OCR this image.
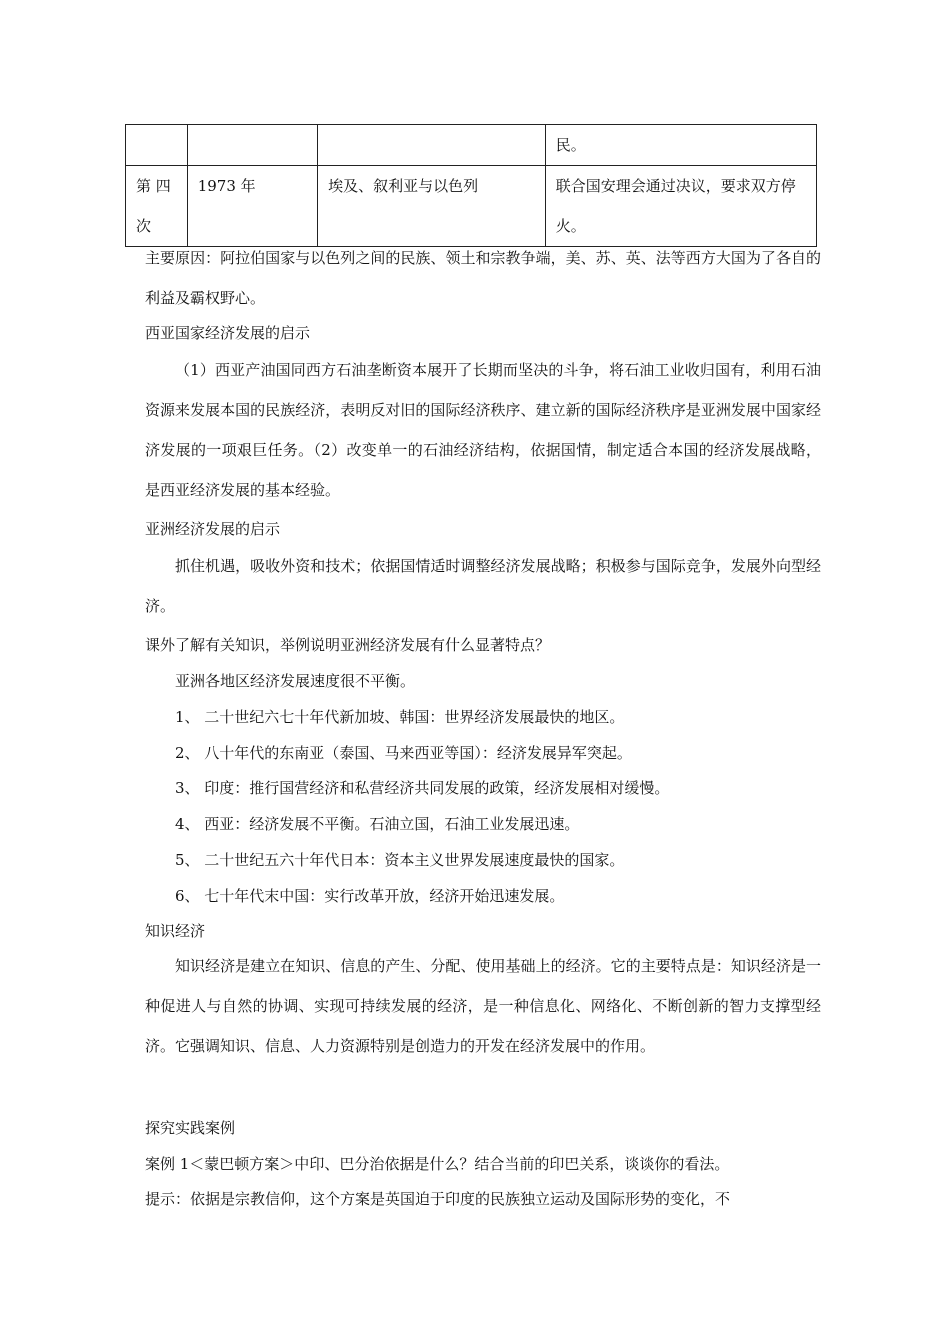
			民。
第 四 次	1973 年	埃及、叙利亚与以色列	联合国安理会通过决议，要求双方停火。

主要原因：阿拉伯国家与以色列之间的民族、领土和宗教争端，美、苏、英、法等西方大国为了各自的利益及霸权野心。

西亚国家经济发展的启示

（1）西亚产油国同西方石油垄断资本展开了长期而坚决的斗争，将石油工业收归国有，利用石油资源来发展本国的民族经济，表明反对旧的国际经济秩序、建立新的国际经济秩序是亚洲发展中国家经济发展的一项艰巨任务。（2）改变单一的石油经济结构，依据国情，制定适合本国的经济发展战略，是西亚经济发展的基本经验。

亚洲经济发展的启示

抓住机遇，吸收外资和技术；依据国情适时调整经济发展战略；积极参与国际竞争，发展外向型经济。

课外了解有关知识，举例说明亚洲经济发展有什么显著特点？

亚洲各地区经济发展速度很不平衡。

1、 二十世纪六七十年代新加坡、韩国：世界经济发展最快的地区。

2、 八十年代的东南亚（泰国、马来西亚等国）：经济发展异军突起。

3、 印度：推行国营经济和私营经济共同发展的政策，经济发展相对缓慢。

4、 西亚：经济发展不平衡。石油立国，石油工业发展迅速。

5、 二十世纪五六十年代日本：资本主义世界发展速度最快的国家。

6、 七十年代末中国：实行改革开放，经济开始迅速发展。

知识经济

知识经济是建立在知识、信息的产生、分配、使用基础上的经济。它的主要特点是：知识经济是一种促进人与自然的协调、实现可持续发展的经济，是一种信息化、网络化、不断创新的智力支撑型经济。它强调知识、信息、人力资源特别是创造力的开发在经济发展中的作用。

探究实践案例

案例 1＜蒙巴顿方案＞中印、巴分治依据是什么？结合当前的印巴关系，谈谈你的看法。

提示：依据是宗教信仰，这个方案是英国迫于印度的民族独立运动及国际形势的变化，不
